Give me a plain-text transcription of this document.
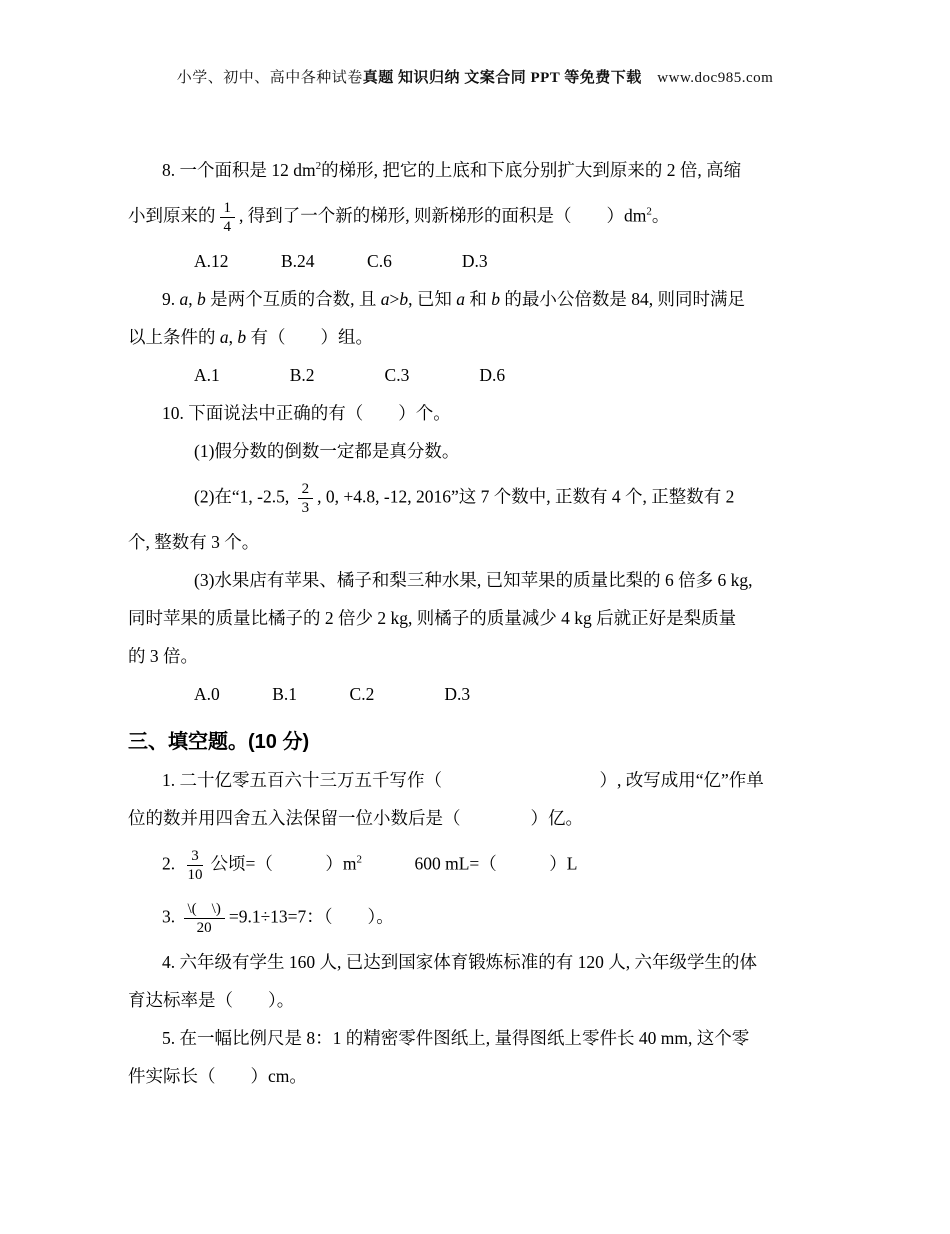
小学、初中、高中各种试卷真题 知识归纳 文案合同 PPT 等免费下载　www.doc985.com
8. 一个面积是 12 $dm^2$的梯形, 把它的上底和下底分别扩大到原来的 2 倍, 高缩
小到原来的 $\frac{1}{4}$ , 得到了一个新的梯形, 则新梯形的面积是（　　）$dm^2$。
A.12　　　B.24　　　C.6　　　　D.3
9. a, b 是两个互质的合数, 且 a>b, 已知 a 和 b 的最小公倍数是 84, 则同时满足
以上条件的 a, b 有（　　）组。
A.1　　　　B.2　　　　C.3　　　　D.6
10. 下面说法中正确的有（　　）个。
(1)假分数的倒数一定都是真分数。
(2)在“1, -2.5, $\frac{2}{3}$ , 0, +4.8, -12, 2016”这 7 个数中, 正数有 4 个, 正整数有 2
个, 整数有 3 个。
(3)水果店有苹果、橘子和梨三种水果, 已知苹果的质量比梨的 6 倍多 6 kg,
同时苹果的质量比橘子的 2 倍少 2 kg, 则橘子的质量减少 4 kg 后就正好是梨质量
的 3 倍。
A.0　　　B.1　　　C.2　　　　D.3
三、填空题。(10 分)
1. 二十亿零五百六十三万五千写作（　　　　　　　　　）, 改写成用“亿”作单
位的数并用四舍五入法保留一位小数后是（　　　　）亿。
2. $\frac{3}{10}$ 公顷=（　　　）$m^2$　　　600 mL=（　　　）L
3. $\frac{\backslash( \backslash)}{20} =9.1\div 13=7$：（　　）。
4. 六年级有学生 160 人, 已达到国家体育锻炼标准的有 120 人, 六年级学生的体
育达标率是（　　）。
5. 在一幅比例尺是 8：1 的精密零件图纸上, 量得图纸上零件长 40 mm, 这个零
件实际长（　　）cm。
